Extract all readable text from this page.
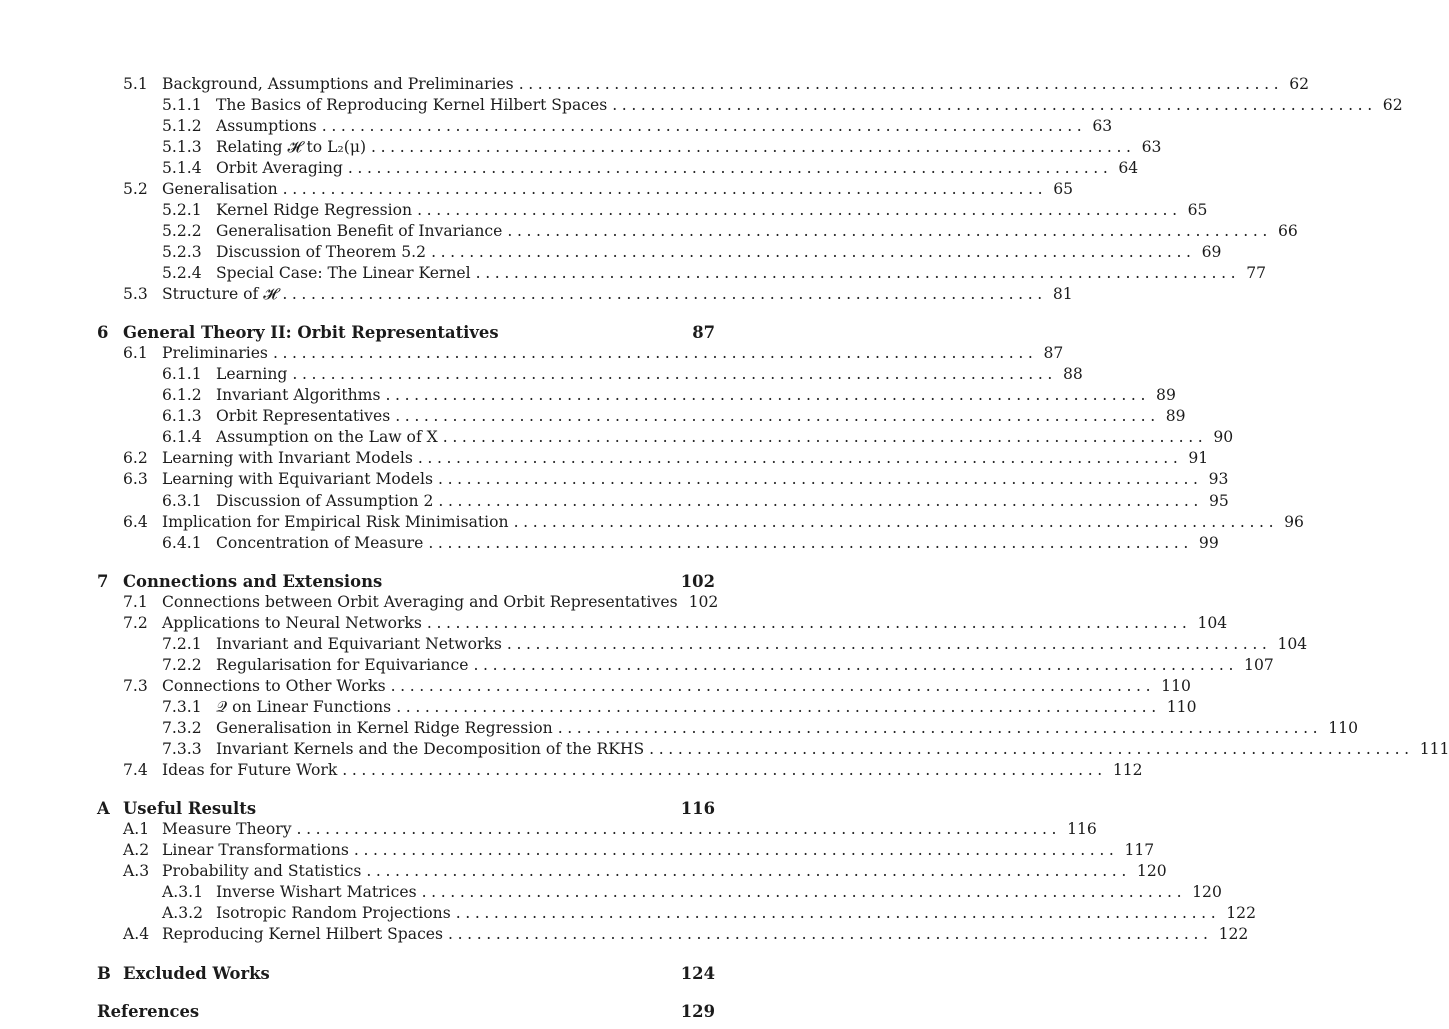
5.1 Background, Assumptions and Preliminaries ................................................................................ 62
5.1.1 The Basics of Reproducing Kernel Hilbert Spaces ................................................................................ 62
5.1.2 Assumptions ................................................................................ 63
5.1.3 Relating 𝓗 to L₂(μ) ................................................................................ 63
5.1.4 Orbit Averaging ................................................................................ 64
5.2 Generalisation ................................................................................ 65
5.2.1 Kernel Ridge Regression ................................................................................ 65
5.2.2 Generalisation Benefit of Invariance ................................................................................ 66
5.2.3 Discussion of Theorem 5.2 ................................................................................ 69
5.2.4 Special Case: The Linear Kernel ................................................................................ 77
5.3 Structure of 𝓗 ................................................................................ 81
6 General Theory II: Orbit Representatives	87
6.1 Preliminaries ................................................................................ 87
6.1.1 Learning ................................................................................ 88
6.1.2 Invariant Algorithms ................................................................................ 89
6.1.3 Orbit Representatives ................................................................................ 89
6.1.4 Assumption on the Law of X ................................................................................ 90
6.2 Learning with Invariant Models ................................................................................ 91
6.3 Learning with Equivariant Models ................................................................................ 93
6.3.1 Discussion of Assumption 2 ................................................................................ 95
6.4 Implication for Empirical Risk Minimisation ................................................................................ 96
6.4.1 Concentration of Measure ................................................................................ 99
7 Connections and Extensions	102
7.1 Connections between Orbit Averaging and Orbit Representatives 102
7.2 Applications to Neural Networks ................................................................................ 104
7.2.1 Invariant and Equivariant Networks ................................................................................ 104
7.2.2 Regularisation for Equivariance ................................................................................ 107
7.3 Connections to Other Works ................................................................................ 110
7.3.1 𝒬 on Linear Functions ................................................................................ 110
7.3.2 Generalisation in Kernel Ridge Regression ................................................................................ 110
7.3.3 Invariant Kernels and the Decomposition of the RKHS ................................................................................ 111
7.4 Ideas for Future Work ................................................................................ 112
A Useful Results	116
A.1 Measure Theory ................................................................................ 116
A.2 Linear Transformations ................................................................................ 117
A.3 Probability and Statistics ................................................................................ 120
A.3.1 Inverse Wishart Matrices ................................................................................ 120
A.3.2 Isotropic Random Projections ................................................................................ 122
A.4 Reproducing Kernel Hilbert Spaces ................................................................................ 122
B Excluded Works	124
References	129
